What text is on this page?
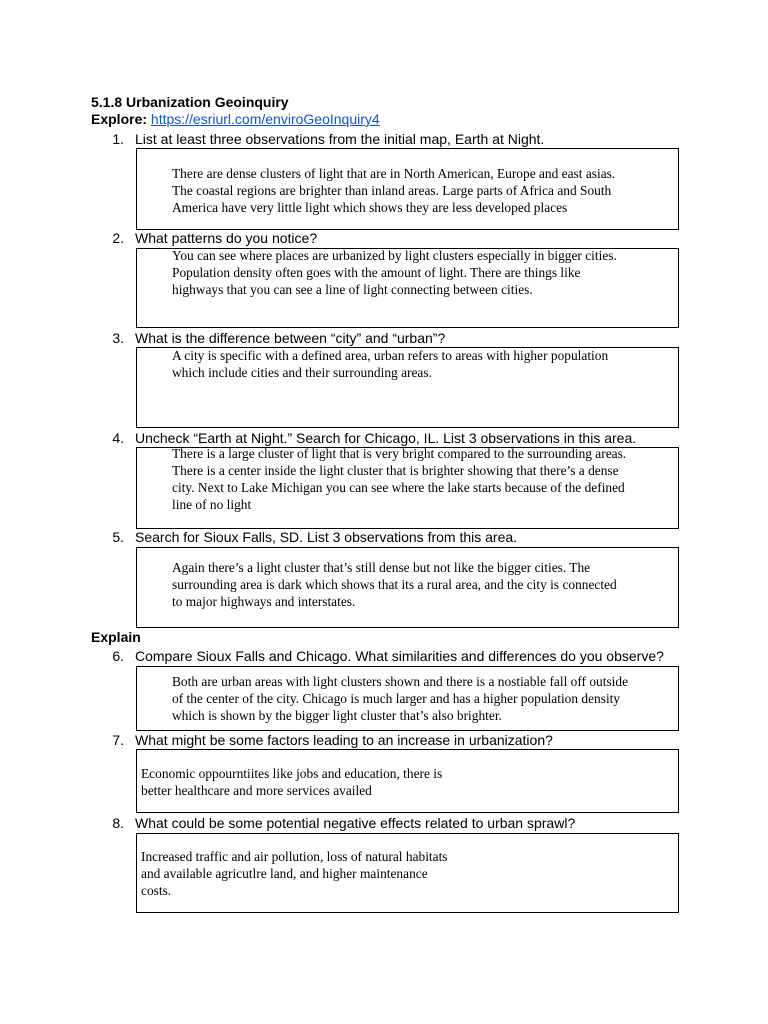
5.1.8 Urbanization Geoinquiry
Explore: https://esriurl.com/enviroGeoInquiry4
1. List at least three observations from the initial map, Earth at Night.
There are dense clusters of light that are in North American, Europe and east asias.
The coastal regions are brighter than inland areas. Large parts of Africa and South
America have very little light which shows they are less developed places
2. What patterns do you notice?
You can see where places are urbanized by light clusters especially in bigger cities.
Population density often goes with the amount of light. There are things like
highways that you can see a line of light connecting between cities.
3. What is the difference between “city” and “urban”?
A city is specific with a defined area, urban refers to areas with higher population
which include cities and their surrounding areas.
4. Uncheck “Earth at Night.” Search for Chicago, IL. List 3 observations in this area.
There is a large cluster of light that is very bright compared to the surrounding areas.
There is a center inside the light cluster that is brighter showing that there’s a dense
city. Next to Lake Michigan you can see where the lake starts because of the defined
line of no light
5. Search for Sioux Falls, SD. List 3 observations from this area.
Again there’s a light cluster that’s still dense but not like the bigger cities. The
surrounding area is dark which shows that its a rural area, and the city is connected
to major highways and interstates.
Explain
6. Compare Sioux Falls and Chicago. What similarities and differences do you observe?
Both are urban areas with light clusters shown and there is a nostiable fall off outside
of the center of the city. Chicago is much larger and has a higher population density
which is shown by the bigger light cluster that’s also brighter.
7. What might be some factors leading to an increase in urbanization?
Economic oppourntiites like jobs and education, there is
better healthcare and more services availed
8. What could be some potential negative effects related to urban sprawl?
Increased traffic and air pollution, loss of natural habitats
and available agricutlre land, and higher maintenance
costs.
